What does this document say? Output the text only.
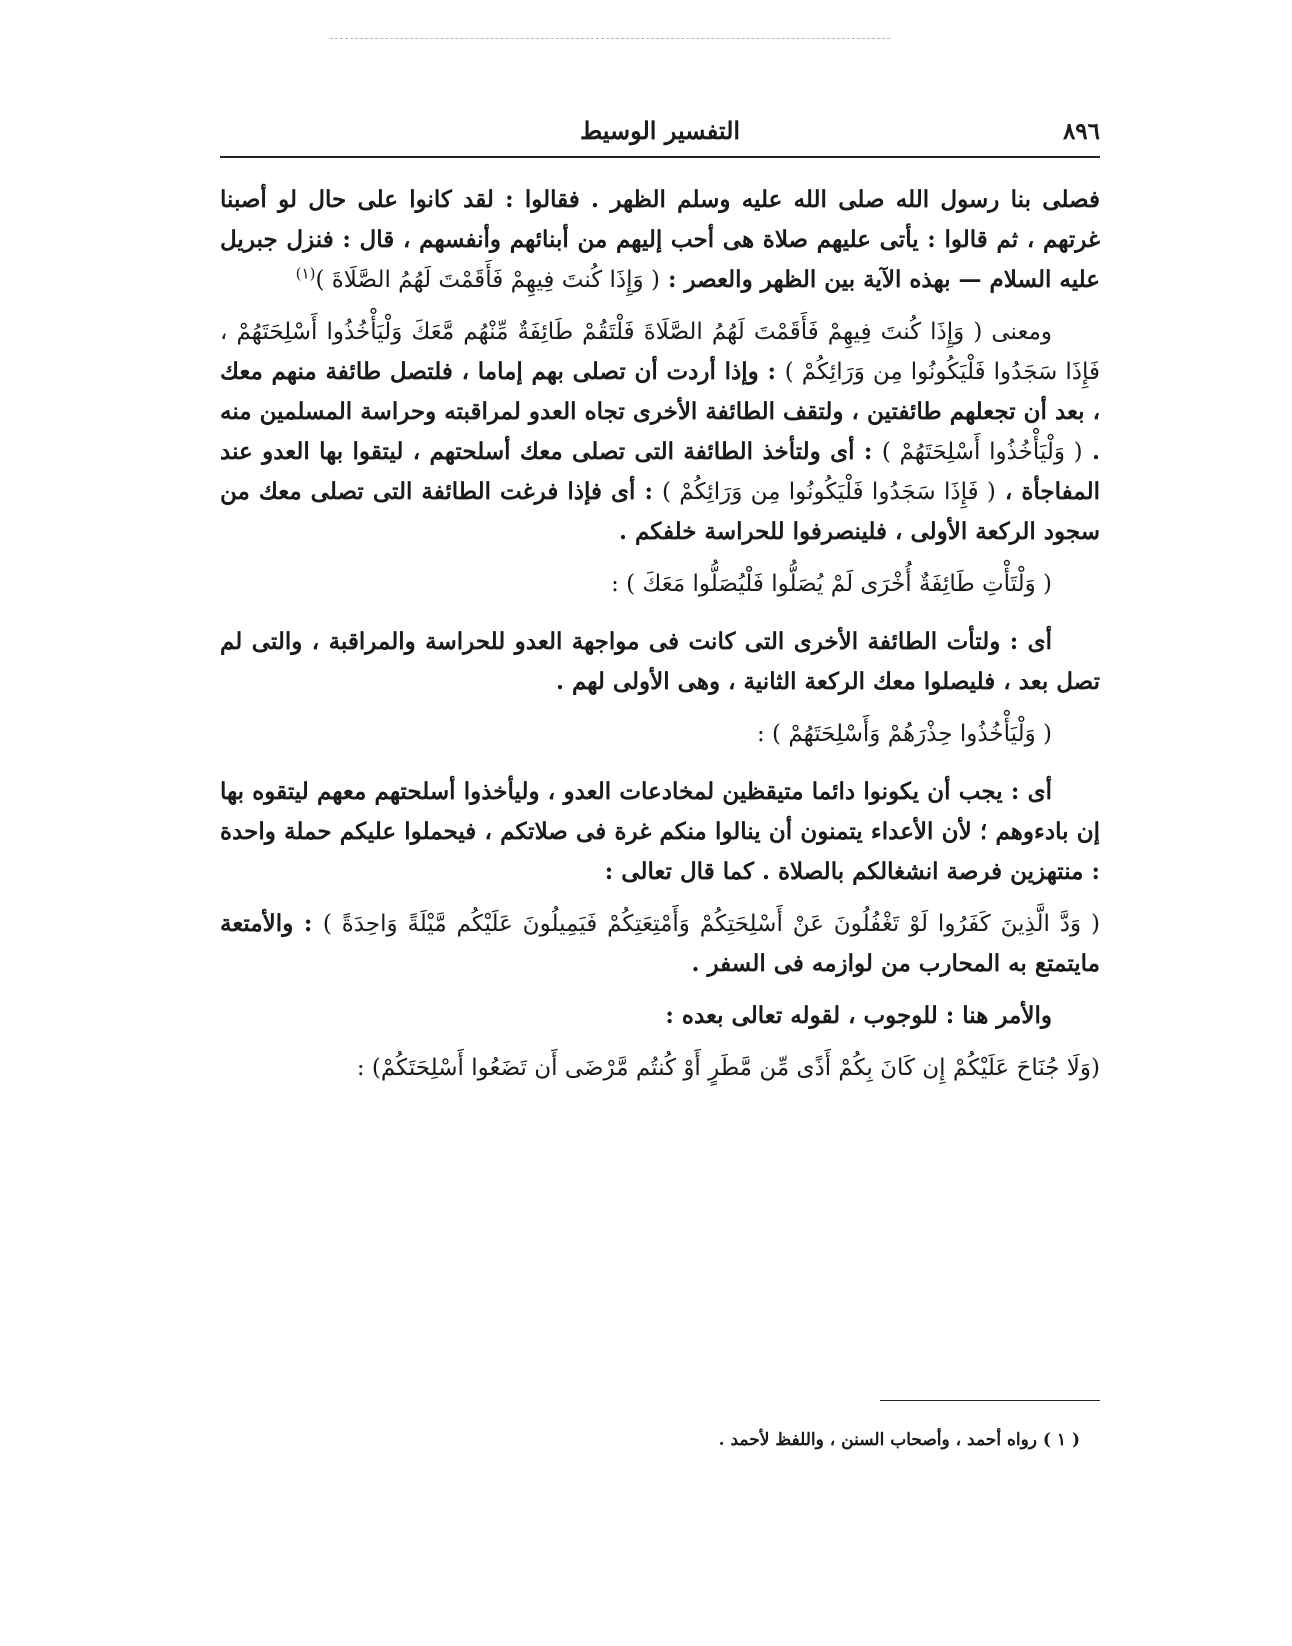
٨٩٦
التفسير الوسيط

فصلى بنا رسول الله صلى الله عليه وسلم الظهر . فقالوا : لقد كانوا على حال لو أصبنا غرتهم ، ثم قالوا : يأتى عليهم صلاة هى أحب إليهم من أبنائهم وأنفسهم ، قال : فنزل جبريل عليه السلام — بهذه الآية بين الظهر والعصر : ( وَإِذَا كُنتَ فِيهِمْ فَأَقَمْتَ لَهُمُ الصَّلَاةَ )$^{(١)}$

ومعنى ( وَإِذَا كُنتَ فِيهِمْ فَأَقَمْتَ لَهُمُ الصَّلَاةَ فَلْتَقُمْ طَائِفَةٌ مِّنْهُم مَّعَكَ وَلْيَأْخُذُوا أَسْلِحَتَهُمْ ، فَإِذَا سَجَدُوا فَلْيَكُونُوا مِن وَرَائِكُمْ ) : وإذا أردت أن تصلى بهم إماما ، فلتصل طائفة منهم معك ، بعد أن تجعلهم طائفتين ، ولتقف الطائفة الأخرى تجاه العدو لمراقبته وحراسة المسلمين منه . ( وَلْيَأْخُذُوا أَسْلِحَتَهُمْ ) : أى ولتأخذ الطائفة التى تصلى معك أسلحتهم ، ليتقوا بها العدو عند المفاجأة ، ( فَإِذَا سَجَدُوا فَلْيَكُونُوا مِن وَرَائِكُمْ ) : أى فإذا فرغت الطائفة التى تصلى معك من سجود الركعة الأولى ، فلينصرفوا للحراسة خلفكم .

( وَلْتَأْتِ طَائِفَةٌ أُخْرَى لَمْ يُصَلُّوا فَلْيُصَلُّوا مَعَكَ ) :

أى : ولتأت الطائفة الأخرى التى كانت فى مواجهة العدو للحراسة والمراقبة ، والتى لم تصل بعد ، فليصلوا معك الركعة الثانية ، وهى الأولى لهم .

( وَلْيَأْخُذُوا حِذْرَهُمْ وَأَسْلِحَتَهُمْ ) :

أى : يجب أن يكونوا دائما متيقظين لمخادعات العدو ، وليأخذوا أسلحتهم معهم ليتقوه بها إن بادءوهم ؛ لأن الأعداء يتمنون أن ينالوا منكم غرة فى صلاتكم ، فيحملوا عليكم حملة واحدة : منتهزين فرصة انشغالكم بالصلاة . كما قال تعالى :

( وَدَّ الَّذِينَ كَفَرُوا لَوْ تَغْفُلُونَ عَنْ أَسْلِحَتِكُمْ وَأَمْتِعَتِكُمْ فَيَمِيلُونَ عَلَيْكُم مَّيْلَةً وَاحِدَةً ) : والأمتعة مايتمتع به المحارب من لوازمه فى السفر .

والأمر هنا : للوجوب ، لقوله تعالى بعده :

(وَلَا جُنَاحَ عَلَيْكُمْ إِن كَانَ بِكُمْ أَذًى مِّن مَّطَرٍ أَوْ كُنتُم مَّرْضَى أَن تَضَعُوا أَسْلِحَتَكُمْ) :

( ١ ) رواه أحمد ، وأصحاب السنن ، واللفظ لأحمد .
